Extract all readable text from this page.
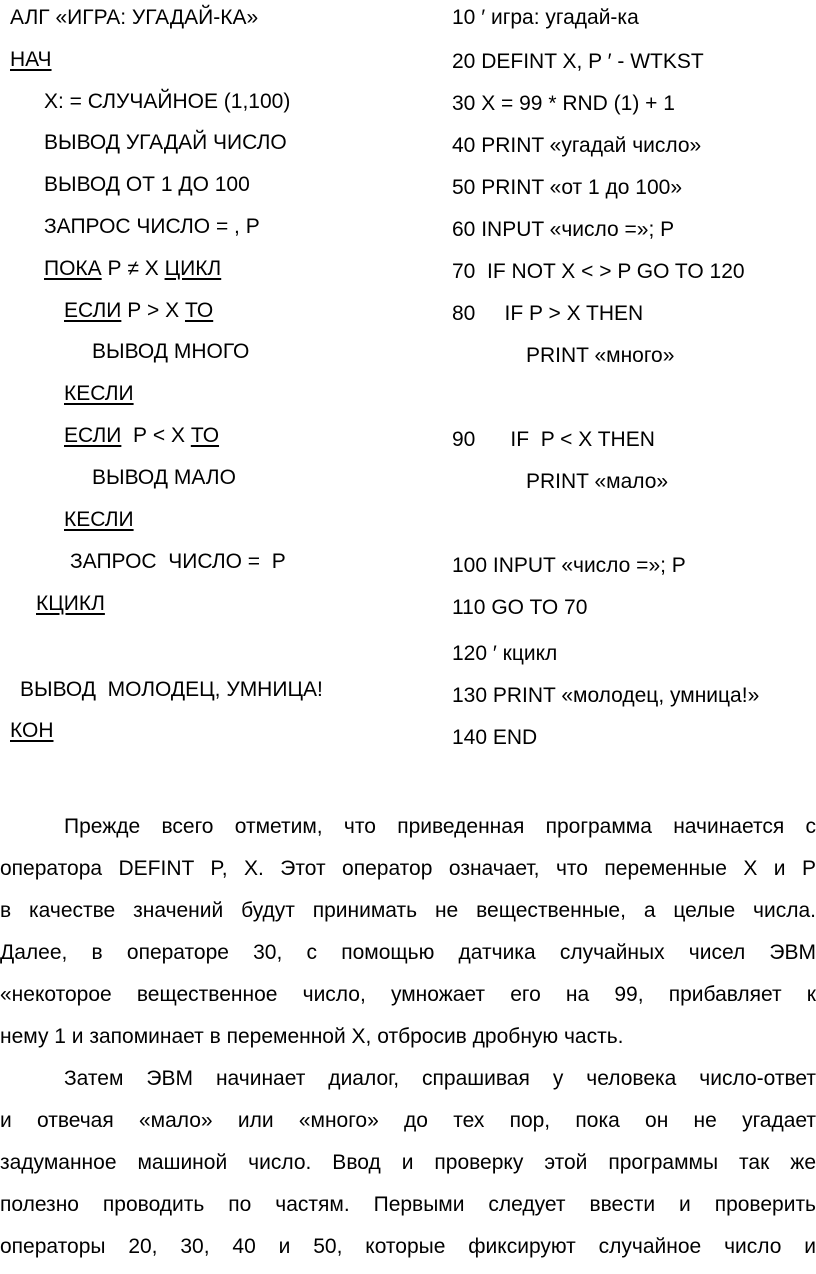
АЛГ «ИГРА: УГАДАЙ-КА»
НАЧ
Х: = СЛУЧАЙНОЕ (1,100)
ВЫВОД УГАДАЙ ЧИСЛО
ВЫВОД ОТ 1 ДО 100
ЗАПРОС ЧИСЛО = , Р
ПОКА Р ≠ Х ЦИКЛ
ЕСЛИ Р > Х ТО
ВЫВОД МНОГО
КЕСЛИ
ЕСЛИ  Р < Х ТО
ВЫВОД МАЛО
КЕСЛИ
ЗАПРОС  ЧИСЛО =  Р
КЦИКЛ
ВЫВОД  МОЛОДЕЦ, УМНИЦА!
КОН
10 ′ игра: угадай-ка
20 DEFINT X, P ′ - WTKST
30 X = 99 * RND (1) + 1
40 PRINT «угадай число»
50 PRINT «от 1 до 100»
60 INPUT «число =»; P
70  IF NOT X < > P GO TO 120
80     IF P > X THEN
PRINT «много»
90      IF  P < X THEN
PRINT «мало»
100 INPUT «число =»; P
110 GO TO 70
120 ′ кцикл
130 PRINT «молодец, умница!»
140 END
Прежде всего отметим, что приведенная программа начинается с
оператора DEFINT P, X. Этот оператор означает, что переменные X и P
в качестве значений будут принимать не вещественные, а целые числа.
Далее, в операторе 30, с помощью датчика случайных чисел ЭВМ
«некоторое вещественное число, умножает его на 99, прибавляет к
нему 1 и запоминает в переменной X, отбросив дробную часть.
Затем ЭВМ начинает диалог, спрашивая у человека число-ответ
и отвечая «мало» или «много» до тех пор, пока он не угадает
задуманное машиной число. Ввод и проверку этой программы так же
полезно проводить по частям. Первыми следует ввести и проверить
операторы 20, 30, 40 и 50, которые фиксируют случайное число и
